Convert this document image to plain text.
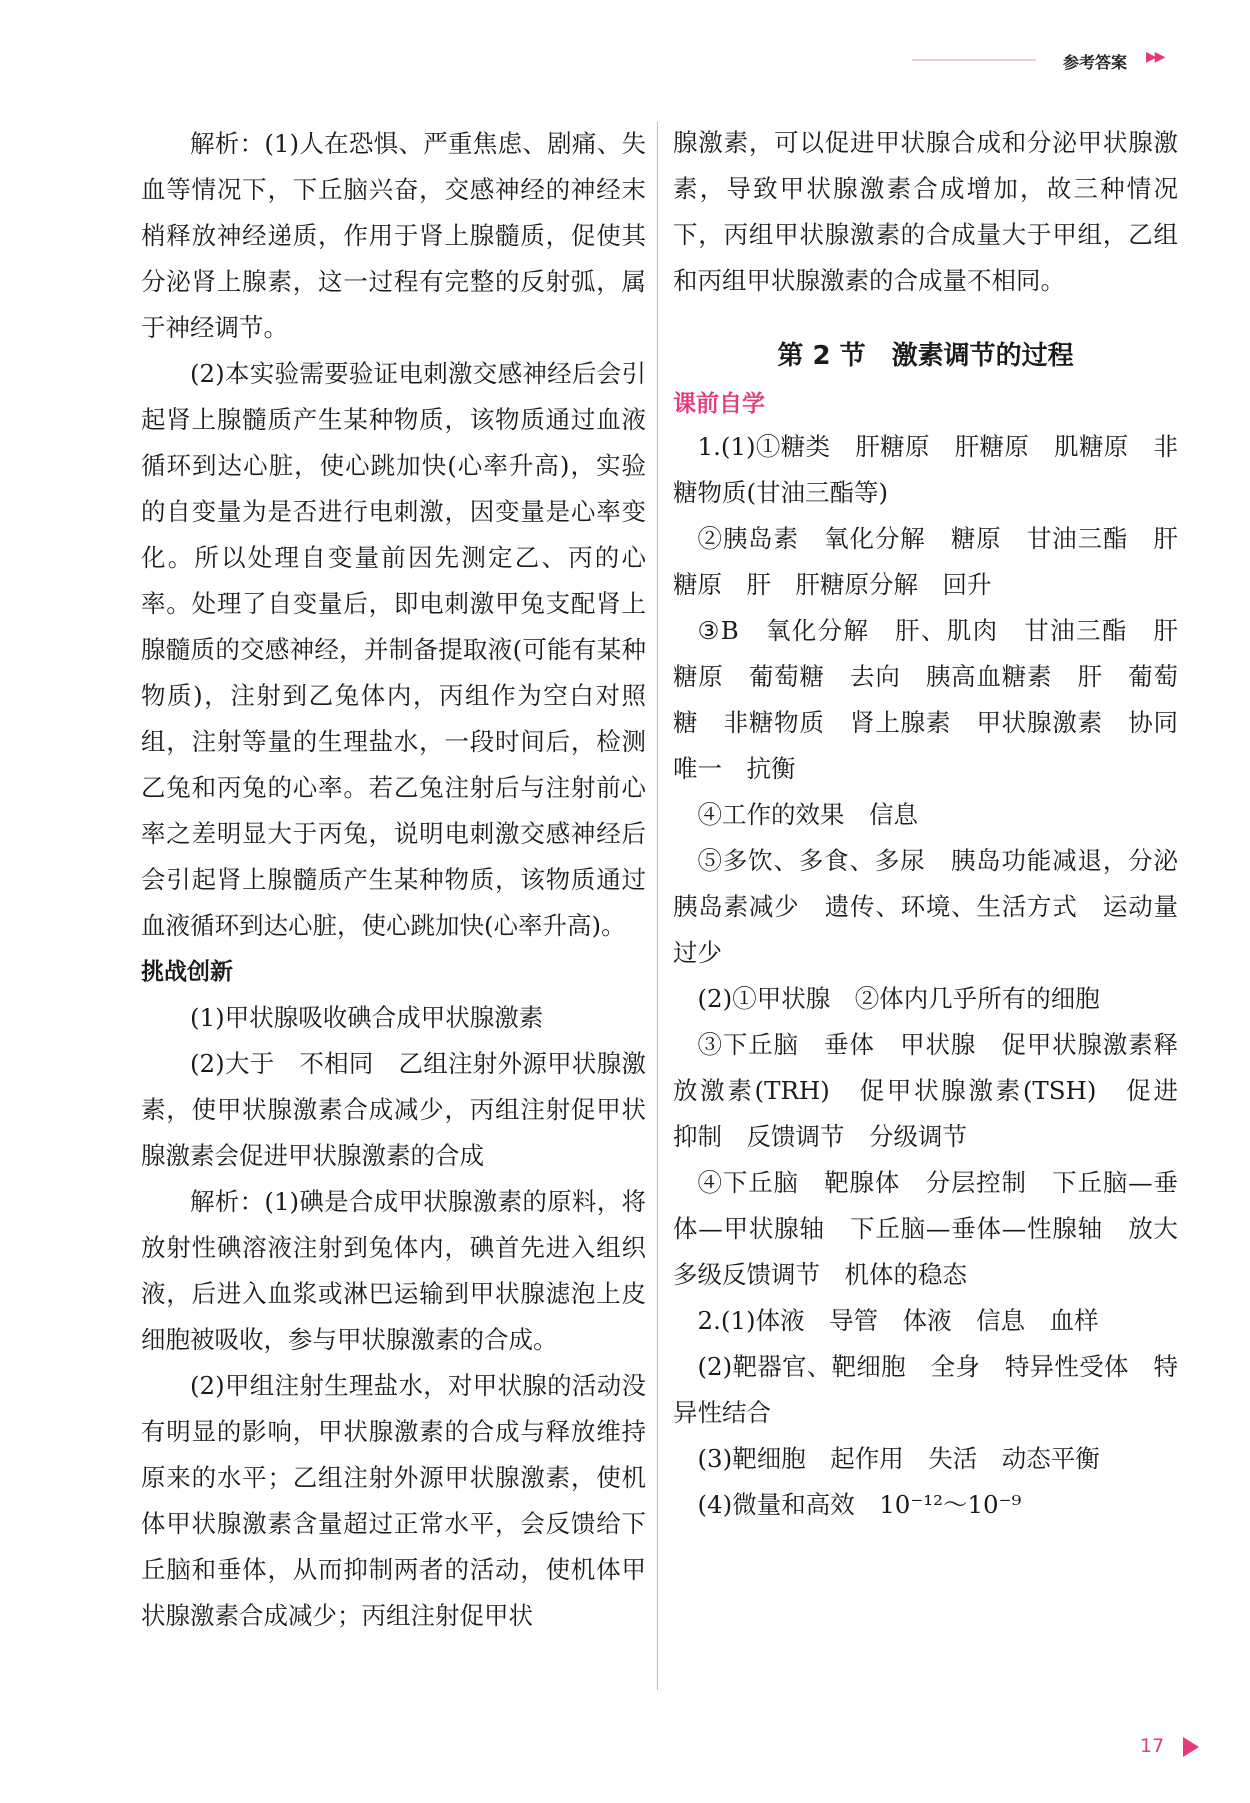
参考答案 ▶▶

解析：(1)人在恐惧、严重焦虑、剧痛、失血等情况下，下丘脑兴奋，交感神经的神经末梢释放神经递质，作用于肾上腺髓质，促使其分泌肾上腺素，这一过程有完整的反射弧，属于神经调节。

(2)本实验需要验证电刺激交感神经后会引起肾上腺髓质产生某种物质，该物质通过血液循环到达心脏，使心跳加快(心率升高)，实验的自变量为是否进行电刺激，因变量是心率变化。所以处理自变量前因先测定乙、丙的心率。处理了自变量后，即电刺激甲兔支配肾上腺髓质的交感神经，并制备提取液(可能有某种物质)，注射到乙兔体内，丙组作为空白对照组，注射等量的生理盐水，一段时间后，检测乙兔和丙兔的心率。若乙兔注射后与注射前心率之差明显大于丙兔，说明电刺激交感神经后会引起肾上腺髓质产生某种物质，该物质通过血液循环到达心脏，使心跳加快(心率升高)。

挑战创新

(1)甲状腺吸收碘合成甲状腺激素

(2)大于　不相同　乙组注射外源甲状腺激素，使甲状腺激素合成减少，丙组注射促甲状腺激素会促进甲状腺激素的合成

解析：(1)碘是合成甲状腺激素的原料，将放射性碘溶液注射到兔体内，碘首先进入组织液，后进入血浆或淋巴运输到甲状腺滤泡上皮细胞被吸收，参与甲状腺激素的合成。

(2)甲组注射生理盐水，对甲状腺的活动没有明显的影响，甲状腺激素的合成与释放维持原来的水平；乙组注射外源甲状腺激素，使机体甲状腺激素含量超过正常水平，会反馈给下丘脑和垂体，从而抑制两者的活动，使机体甲状腺激素合成减少；丙组注射促甲状

腺激素，可以促进甲状腺合成和分泌甲状腺激素，导致甲状腺激素合成增加，故三种情况下，丙组甲状腺激素的合成量大于甲组，乙组和丙组甲状腺激素的合成量不相同。

第 2 节　激素调节的过程

课前自学

1.(1)①糖类　肝糖原　肝糖原　肌糖原　非糖物质(甘油三酯等)

②胰岛素　氧化分解　糖原　甘油三酯　肝糖原　肝　肝糖原分解　回升

③B　氧化分解　肝、肌肉　甘油三酯　肝糖原　葡萄糖　去向　胰高血糖素　肝　葡萄糖　非糖物质　肾上腺素　甲状腺激素　协同　唯一　抗衡

④工作的效果　信息

⑤多饮、多食、多尿　胰岛功能减退，分泌胰岛素减少　遗传、环境、生活方式　运动量过少

(2)①甲状腺　②体内几乎所有的细胞

③下丘脑　垂体　甲状腺　促甲状腺激素释放激素(TRH)　促甲状腺激素(TSH)　促进　抑制　反馈调节　分级调节

④下丘脑　靶腺体　分层控制　下丘脑—垂体—甲状腺轴　下丘脑—垂体—性腺轴　放大　多级反馈调节　机体的稳态

2.(1)体液　导管　体液　信息　血样

(2)靶器官、靶细胞　全身　特异性受体　特异性结合

(3)靶细胞　起作用　失活　动态平衡

(4)微量和高效　10⁻¹²～10⁻⁹

17
